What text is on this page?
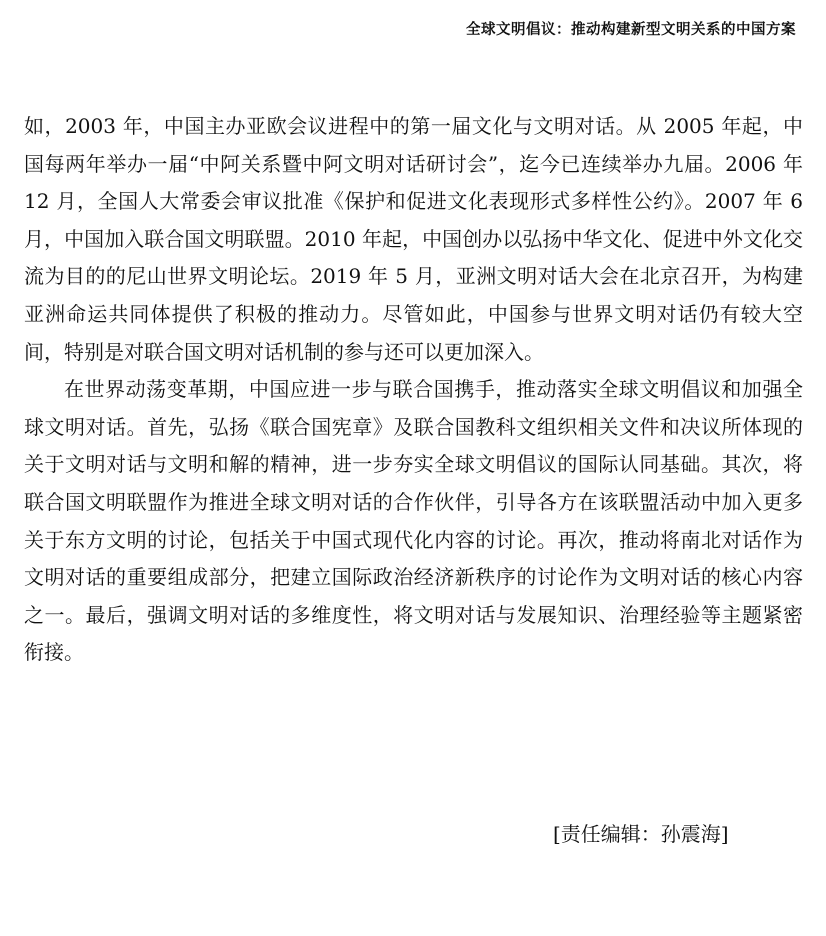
全球文明倡议：推动构建新型文明关系的中国方案

如，2003 年，中国主办亚欧会议进程中的第一届文化与文明对话。从 2005 年起，中国每两年举办一届“中阿关系暨中阿文明对话研讨会”，迄今已连续举办九届。2006 年 12 月，全国人大常委会审议批准《保护和促进文化表现形式多样性公约》。2007 年 6 月，中国加入联合国文明联盟。2010 年起，中国创办以弘扬中华文化、促进中外文化交流为目的的尼山世界文明论坛。2019 年 5 月，亚洲文明对话大会在北京召开，为构建亚洲命运共同体提供了积极的推动力。尽管如此，中国参与世界文明对话仍有较大空间，特别是对联合国文明对话机制的参与还可以更加深入。

在世界动荡变革期，中国应进一步与联合国携手，推动落实全球文明倡议和加强全球文明对话。首先，弘扬《联合国宪章》及联合国教科文组织相关文件和决议所体现的关于文明对话与文明和解的精神，进一步夯实全球文明倡议的国际认同基础。其次，将联合国文明联盟作为推进全球文明对话的合作伙伴，引导各方在该联盟活动中加入更多关于东方文明的讨论，包括关于中国式现代化内容的讨论。再次，推动将南北对话作为文明对话的重要组成部分，把建立国际政治经济新秩序的讨论作为文明对话的核心内容之一。最后，强调文明对话的多维度性，将文明对话与发展知识、治理经验等主题紧密衔接。

[责任编辑：孙震海]
